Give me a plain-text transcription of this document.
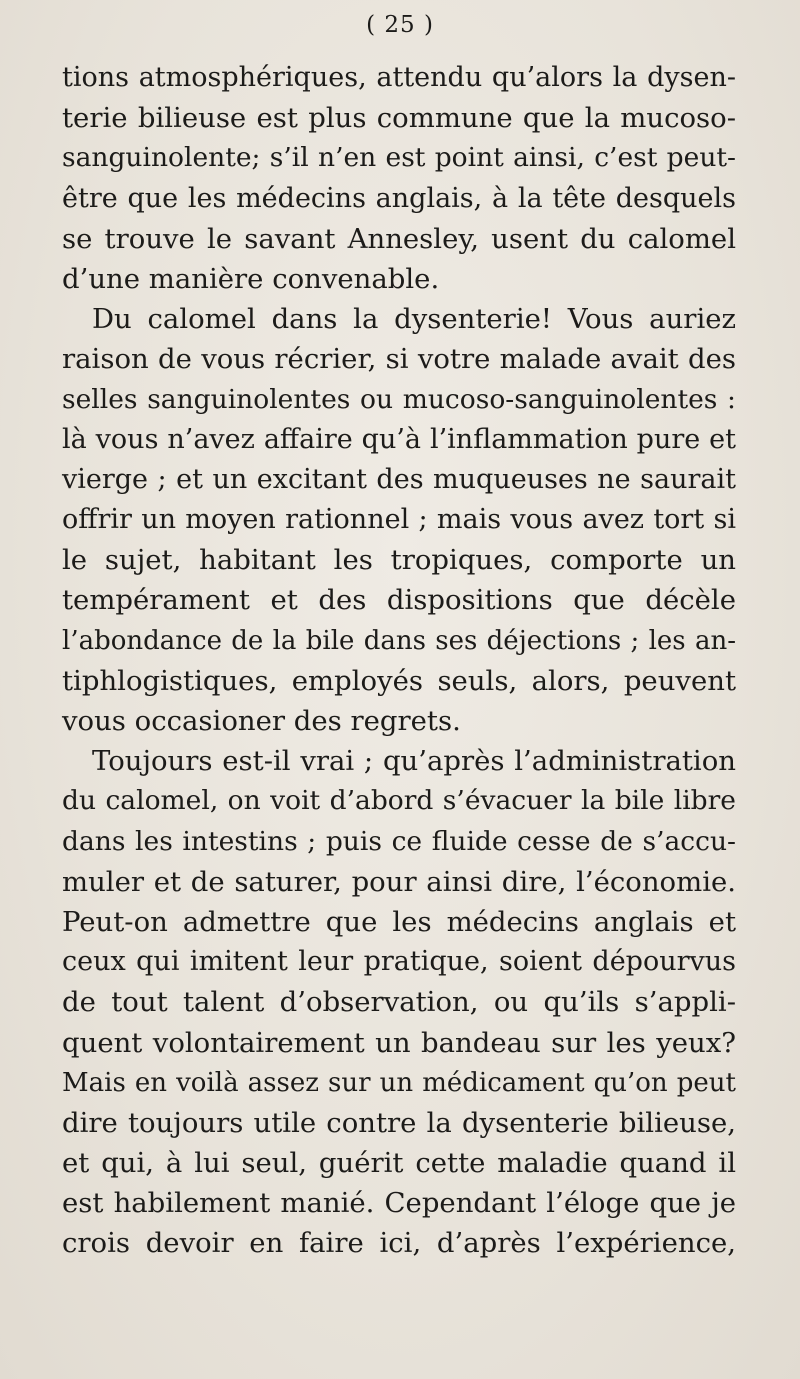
( 25 )
tions atmosphériques, attendu qu’alors la dysen-
terie bilieuse est plus commune que la mucoso-
sanguinolente; s’il n’en est point ainsi, c’est peut-
être que les médecins anglais, à la tête desquels
se trouve le savant Annesley, usent du calomel
d’une manière convenable.
Du calomel dans la dysenterie! Vous auriez
raison de vous récrier, si votre malade avait des
selles sanguinolentes ou mucoso-sanguinolentes :
là vous n’avez affaire qu’à l’inflammation pure et
vierge ; et un excitant des muqueuses ne saurait
offrir un moyen rationnel ; mais vous avez tort si
le sujet, habitant les tropiques, comporte un
tempérament et des dispositions que décèle
l’abondance de la bile dans ses déjections ; les an-
tiphlogistiques, employés seuls, alors, peuvent
vous occasioner des regrets.
Toujours est-il vrai ; qu’après l’administration
du calomel, on voit d’abord s’évacuer la bile libre
dans les intestins ; puis ce fluide cesse de s’accu-
muler et de saturer, pour ainsi dire, l’économie.
Peut-on admettre que les médecins anglais et
ceux qui imitent leur pratique, soient dépourvus
de tout talent d’observation, ou qu’ils s’appli-
quent volontairement un bandeau sur les yeux?
Mais en voilà assez sur un médicament qu’on peut
dire toujours utile contre la dysenterie bilieuse,
et qui, à lui seul, guérit cette maladie quand il
est habilement manié. Cependant l’éloge que je
crois devoir en faire ici, d’après l’expérience,
